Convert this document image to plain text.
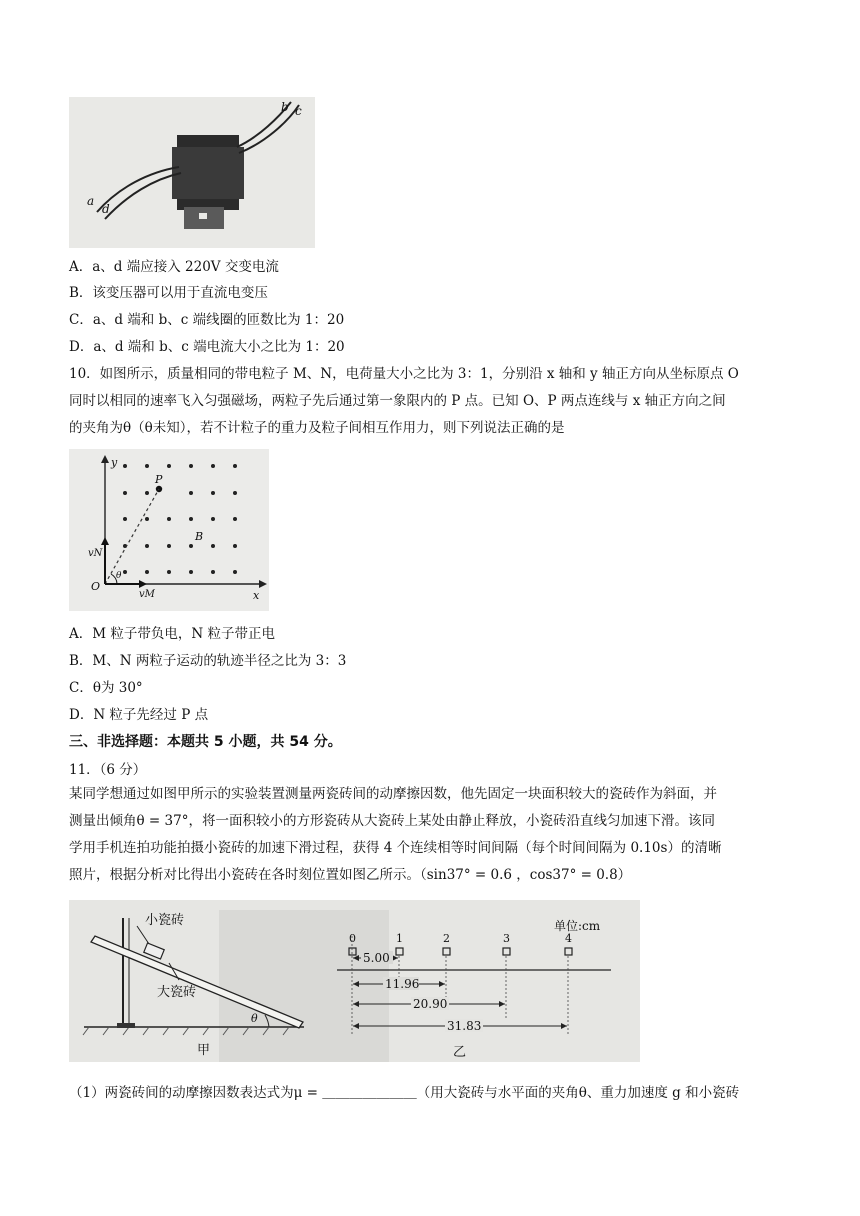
a
d
b c
A．a、d 端应接入 220V 交变电流
B．该变压器可以用于直流电变压
C．a、d 端和 b、c 端线圈的匝数比为 1：20
D．a、d 端和 b、c 端电流大小之比为 1：20
10．如图所示，质量相同的带电粒子 M、N，电荷量大小之比为 3：1，分别沿 x 轴和 y 轴正方向从坐标原点 O
同时以相同的速率飞入匀强磁场，两粒子先后通过第一象限内的 P 点。已知 O、P 两点连线与 x 轴正方向之间
的夹角为θ（θ未知），若不计粒子的重力及粒子间相互作用力，则下列说法正确的是
y
x
O
P
B
vN
vM
θ
A．M 粒子带负电，N 粒子带正电
B．M、N 两粒子运动的轨迹半径之比为 3：3
C．θ为 30°
D．N 粒子先经过 P 点
三、非选择题：本题共 5 小题，共 54 分。
11．（6 分）
某同学想通过如图甲所示的实验装置测量两瓷砖间的动摩擦因数，他先固定一块面积较大的瓷砖作为斜面，并
测量出倾角θ = 37°，将一面积较小的方形瓷砖从大瓷砖上某处由静止释放，小瓷砖沿直线匀加速下滑。该同
学用手机连拍功能拍摄小瓷砖的加速下滑过程，获得 4 个连续相等时间间隔（每个时间间隔为 0.10s）的清晰
照片，根据分析对比得出小瓷砖在各时刻位置如图乙所示。（sin37° = 0.6 ，cos37° = 0.8）
小瓷砖
大瓷砖
θ
甲
0	1	2	3	4
单位:cm
5.00
11.96
20.90
31.83
乙
（1）两瓷砖间的动摩擦因数表达式为μ = ＿＿＿＿＿＿＿（用大瓷砖与水平面的夹角θ、重力加速度 g 和小瓷砖
